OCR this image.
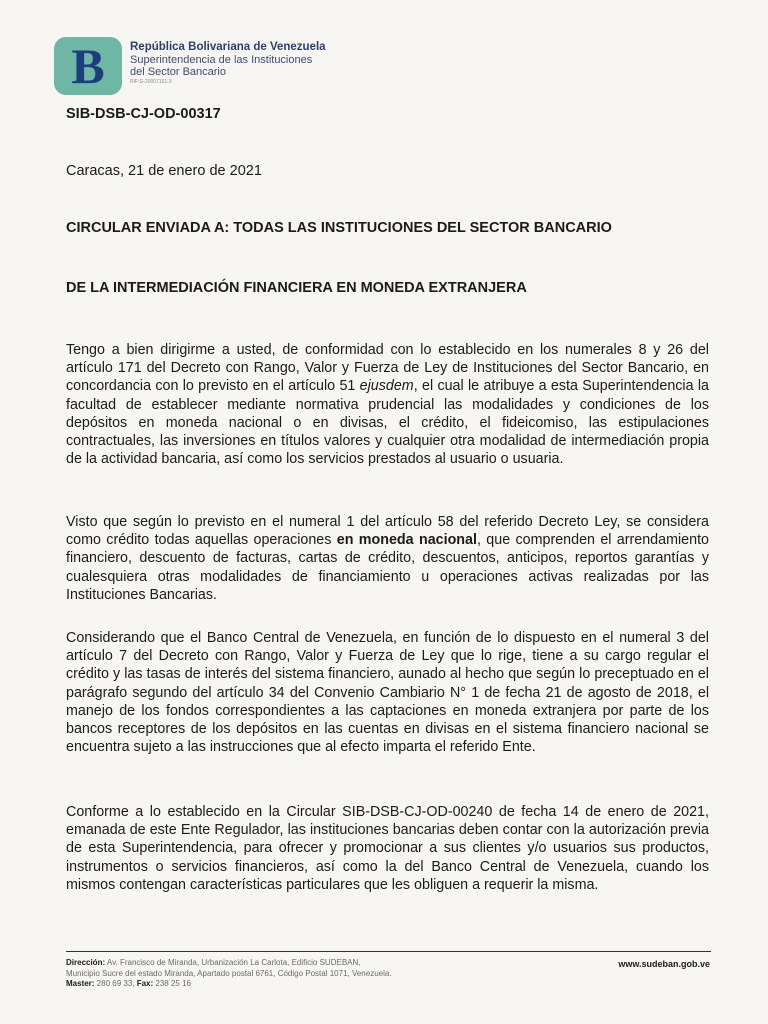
B	República Bolivariana de Venezuela
Superintendencia de las Instituciones
del Sector Bancario
RIF:G-20007161-3
SIB-DSB-CJ-OD-00317
Caracas, 21 de enero de 2021
CIRCULAR ENVIADA A: TODAS LAS INSTITUCIONES DEL SECTOR BANCARIO
DE LA INTERMEDIACIÓN FINANCIERA EN MONEDA EXTRANJERA
Tengo a bien dirigirme a usted, de conformidad con lo establecido en los numerales 8 y 26 del artículo 171 del Decreto con Rango, Valor y Fuerza de Ley de Instituciones del Sector Bancario, en concordancia con lo previsto en el artículo 51 ejusdem, el cual le atribuye a esta Superintendencia la facultad de establecer mediante normativa prudencial las modalidades y condiciones de los depósitos en moneda nacional o en divisas, el crédito, el fideicomiso, las estipulaciones contractuales, las inversiones en títulos valores y cualquier otra modalidad de intermediación propia de la actividad bancaria, así como los servicios prestados al usuario o usuaria.
Visto que según lo previsto en el numeral 1 del artículo 58 del referido Decreto Ley, se considera como crédito todas aquellas operaciones en moneda nacional, que comprenden el arrendamiento financiero, descuento de facturas, cartas de crédito, descuentos, anticipos, reportos garantías y cualesquiera otras modalidades de financiamiento u operaciones activas realizadas por las Instituciones Bancarias.
Considerando que el Banco Central de Venezuela, en función de lo dispuesto en el numeral 3 del artículo 7 del Decreto con Rango, Valor y Fuerza de Ley que lo rige, tiene a su cargo regular el crédito y las tasas de interés del sistema financiero, aunado al hecho que según lo preceptuado en el parágrafo segundo del artículo 34 del Convenio Cambiario N° 1 de fecha 21 de agosto de 2018, el manejo de los fondos correspondientes a las captaciones en moneda extranjera por parte de los bancos receptores de los depósitos en las cuentas en divisas en el sistema financiero nacional se encuentra sujeto a las instrucciones que al efecto imparta el referido Ente.
Conforme a lo establecido en la Circular SIB-DSB-CJ-OD-00240 de fecha 14 de enero de 2021, emanada de este Ente Regulador, las instituciones bancarias deben contar con la autorización previa de esta Superintendencia, para ofrecer y promocionar a sus clientes y/o usuarios sus productos, instrumentos o servicios financieros, así como la del Banco Central de Venezuela, cuando los mismos contengan características particulares que les obliguen a requerir la misma.
Dirección: Av. Francisco de Miranda, Urbanización La Carlota, Edificio SUDEBAN,
Municipio Sucre del estado Miranda, Apartado postal 6761, Código Postal 1071, Venezuela.
Master: 280 69 33, Fax: 238 25 16
www.sudeban.gob.ve
